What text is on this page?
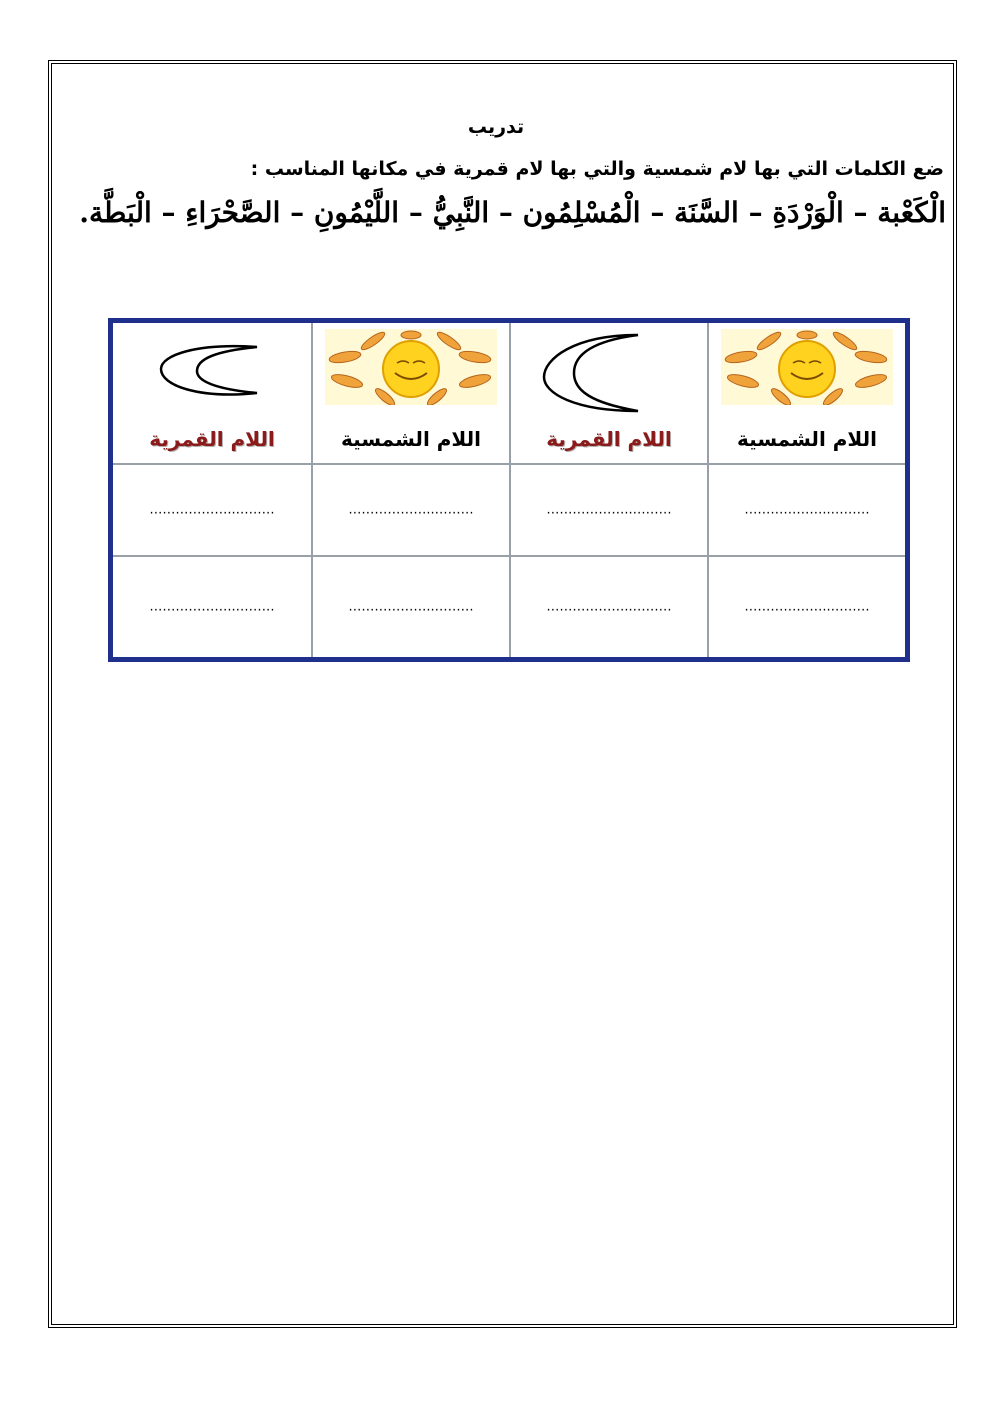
تدريب
ضع الكلمات التي بها لام شمسية والتي بها لام قمرية في مكانها المناسب :
الْكَعْبة – الْوَرْدَةِ – السَّنَة – الْمُسْلِمُون – النَّبِيُّ – اللَّيْمُونِ – الصَّحْرَاءِ – الْبَطَّة.
اللام الشمسية
اللام القمرية
اللام الشمسية
اللام القمرية
………………..………
………………..………
………………..………
………………..………
………………..………
………………..………
………………..………
………………..………
